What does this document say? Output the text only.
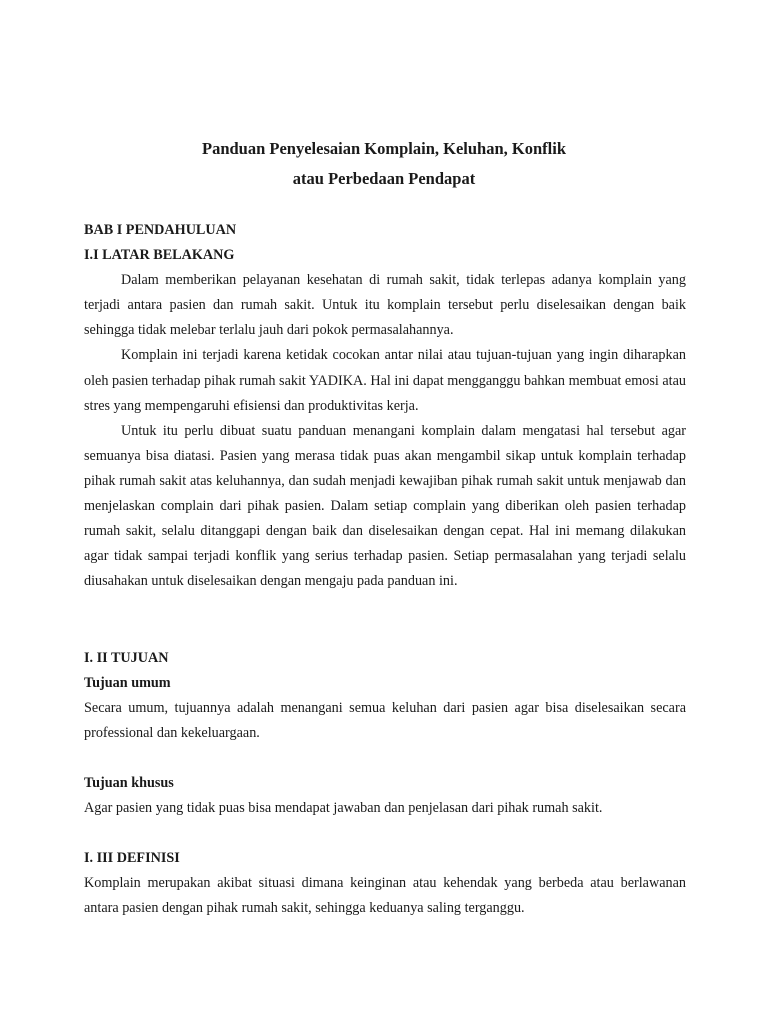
Panduan Penyelesaian Komplain, Keluhan, Konflik
atau Perbedaan Pendapat

BAB I PENDAHULUAN

I.I LATAR BELAKANG

Dalam memberikan pelayanan kesehatan di rumah sakit, tidak terlepas adanya komplain yang terjadi antara pasien dan rumah sakit. Untuk itu komplain tersebut perlu diselesaikan dengan baik sehingga tidak melebar terlalu jauh dari pokok permasalahannya.

Komplain ini terjadi karena ketidak cocokan antar nilai atau tujuan-tujuan yang ingin diharapkan oleh pasien terhadap pihak rumah sakit YADIKA. Hal ini dapat mengganggu bahkan membuat emosi atau stres yang mempengaruhi efisiensi dan produktivitas kerja.

Untuk itu perlu dibuat suatu panduan menangani komplain dalam mengatasi hal tersebut agar semuanya bisa diatasi. Pasien yang merasa tidak puas akan mengambil sikap untuk komplain terhadap pihak rumah sakit atas keluhannya, dan sudah menjadi kewajiban pihak rumah sakit untuk menjawab dan menjelaskan complain dari pihak pasien. Dalam setiap complain yang diberikan oleh pasien terhadap rumah sakit, selalu ditanggapi dengan baik dan diselesaikan dengan cepat. Hal ini memang dilakukan agar tidak sampai terjadi konflik yang serius terhadap pasien. Setiap permasalahan yang terjadi selalu diusahakan untuk diselesaikan dengan mengaju pada panduan ini.

I. II TUJUAN

Tujuan umum

Secara umum, tujuannya adalah menangani semua keluhan dari pasien agar bisa diselesaikan secara professional dan kekeluargaan.

Tujuan khusus

Agar pasien yang tidak puas bisa mendapat jawaban dan penjelasan dari pihak rumah sakit.

I. III DEFINISI

Komplain merupakan akibat situasi dimana keinginan atau kehendak yang berbeda atau berlawanan antara pasien dengan pihak rumah sakit, sehingga keduanya saling terganggu.
